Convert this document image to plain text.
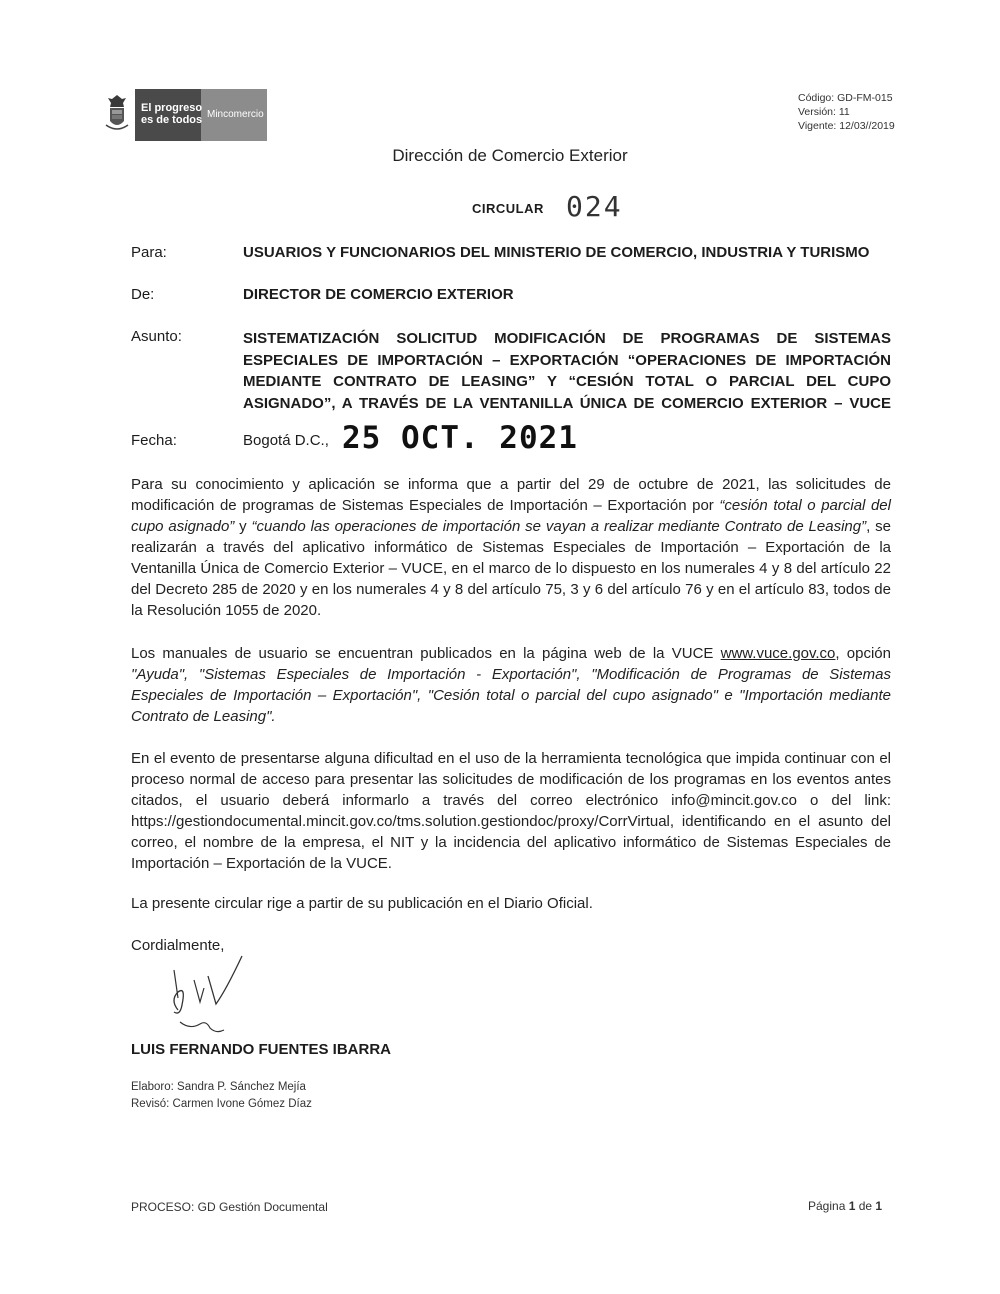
El progreso
es de todos Mincomercio
Código: GD-FM-015
Versión: 11
Vigente: 12/03//2019
Dirección de Comercio Exterior
CIRCULAR 024
Para:	USUARIOS Y FUNCIONARIOS DEL MINISTERIO DE COMERCIO, INDUSTRIA Y TURISMO
De:	DIRECTOR DE COMERCIO EXTERIOR
Asunto:	SISTEMATIZACIÓN SOLICITUD MODIFICACIÓN DE PROGRAMAS DE SISTEMAS
ESPECIALES DE IMPORTACIÓN – EXPORTACIÓN “OPERACIONES DE IMPORTACIÓN
MEDIANTE CONTRATO DE LEASING” Y “CESIÓN TOTAL O PARCIAL DEL CUPO
ASIGNADO”, A TRAVÉS DE LA VENTANILLA ÚNICA DE COMERCIO EXTERIOR – VUCE
Fecha:	Bogotá D.C., 25 OCT. 2021
Para su conocimiento y aplicación se informa que a partir del 29 de octubre de 2021, las solicitudes de modificación de programas de Sistemas Especiales de Importación – Exportación por “cesión total o parcial del cupo asignado” y “cuando las operaciones de importación se vayan a realizar mediante Contrato de Leasing”, se realizarán a través del aplicativo informático de Sistemas Especiales de Importación – Exportación de la Ventanilla Única de Comercio Exterior – VUCE, en el marco de lo dispuesto en los numerales 4 y 8 del artículo 22 del Decreto 285 de 2020 y en los numerales 4 y 8 del artículo 75, 3 y 6 del artículo 76 y en el artículo 83, todos de la Resolución 1055 de 2020.
Los manuales de usuario se encuentran publicados en la página web de la VUCE www.vuce.gov.co, opción "Ayuda", "Sistemas Especiales de Importación - Exportación", "Modificación de Programas de Sistemas Especiales de Importación – Exportación", "Cesión total o parcial del cupo asignado" e "Importación mediante Contrato de Leasing".
En el evento de presentarse alguna dificultad en el uso de la herramienta tecnológica que impida continuar con el proceso normal de acceso para presentar las solicitudes de modificación de los programas en los eventos antes citados, el usuario deberá informarlo a través del correo electrónico info@mincit.gov.co o del link: https://gestiondocumental.mincit.gov.co/tms.solution.gestiondoc/proxy/CorrVirtual, identificando en el asunto del correo, el nombre de la empresa, el NIT y la incidencia del aplicativo informático de Sistemas Especiales de Importación – Exportación de la VUCE.
La presente circular rige a partir de su publicación en el Diario Oficial.
Cordialmente,
LUIS FERNANDO FUENTES IBARRA
Elaboro: Sandra P. Sánchez Mejía
Revisó: Carmen Ivone Gómez Díaz
PROCESO: GD Gestión Documental	Página 1 de 1
